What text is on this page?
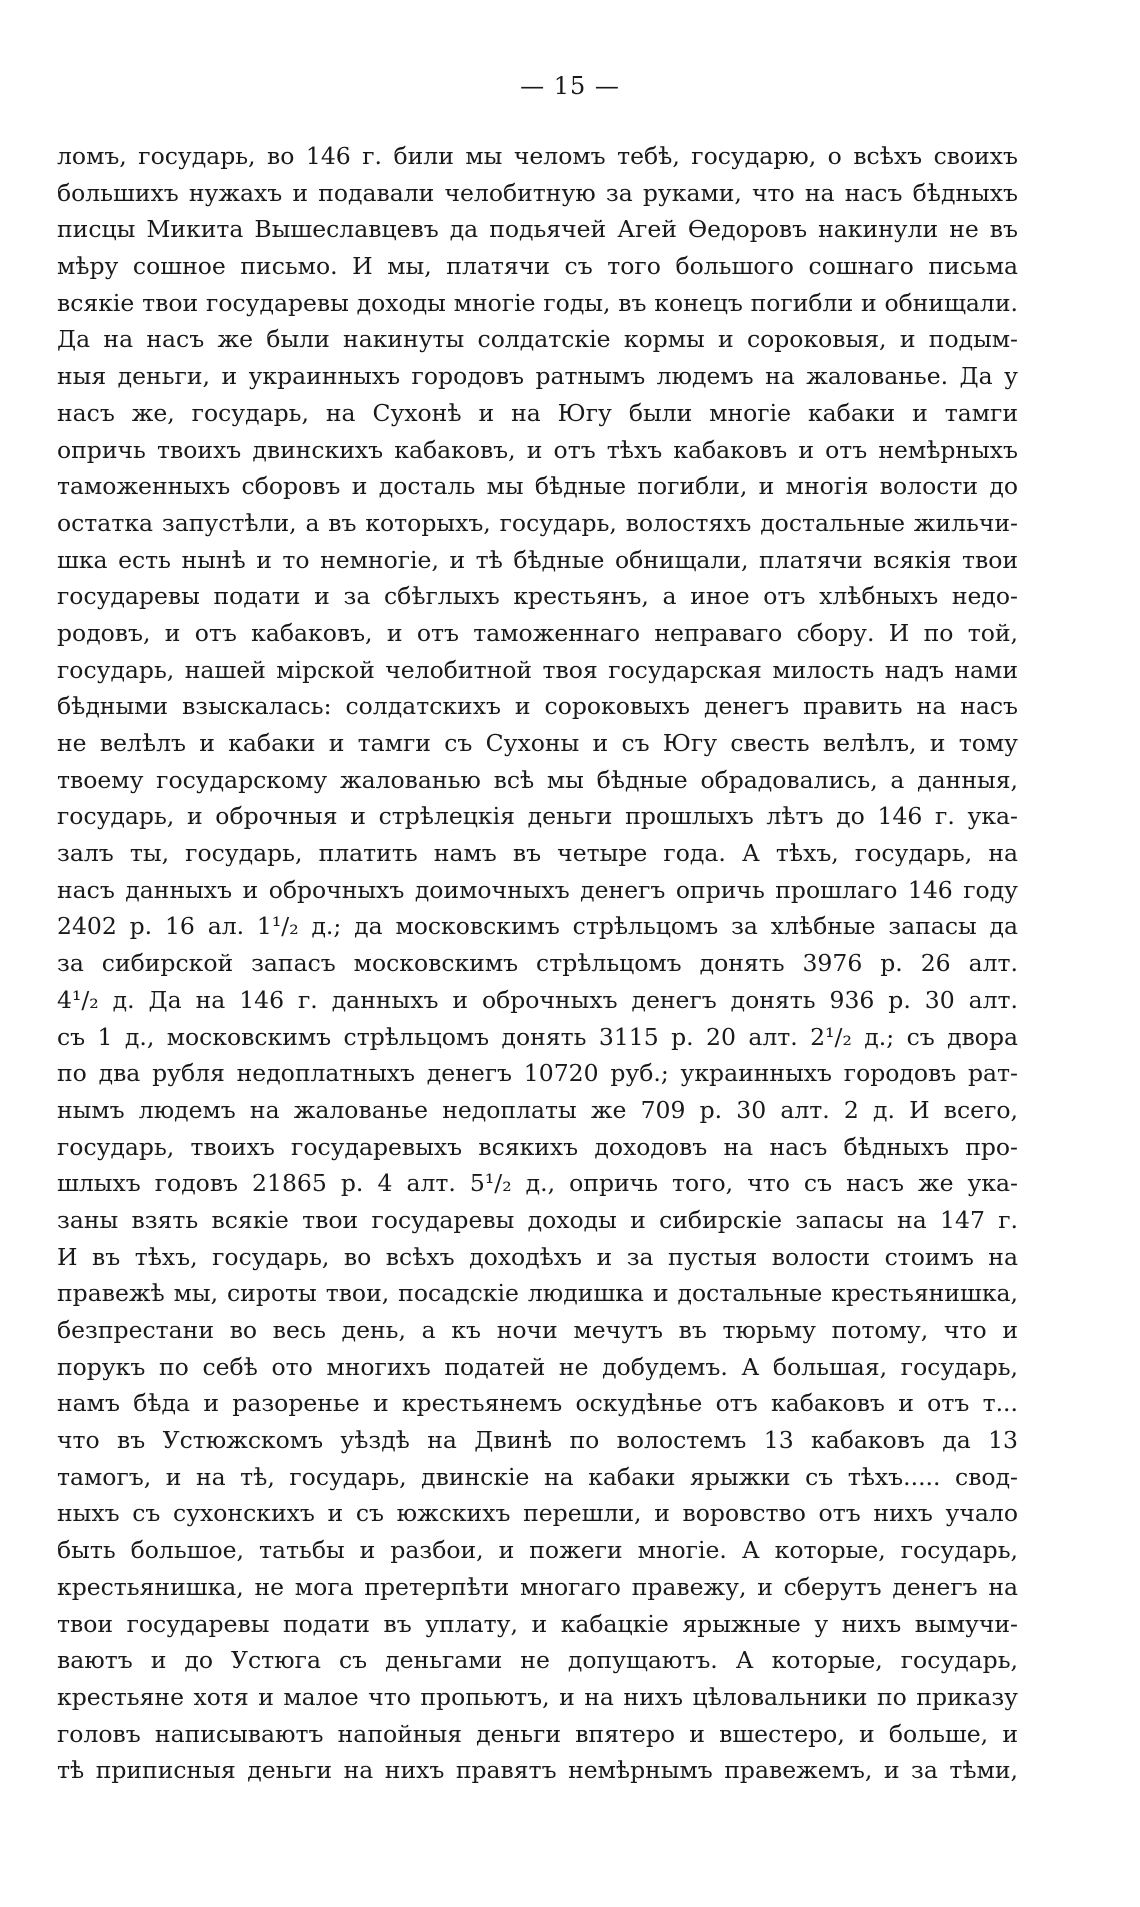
— 15 —
ломъ, государь, во 146 г. били мы челомъ тебѣ, государю, о всѣхъ своихъ
большихъ нужахъ и подавали челобитную за руками, что на насъ бѣдныхъ
писцы Микита Вышеславцевъ да подьячей Агей Ѳедоровъ накинули не въ
мѣру сошное письмо. И мы, платячи съ того большого сошнаго письма
всякіе твои государевы доходы многіе годы, въ конецъ погибли и обнищали.
Да на насъ же были накинуты солдатскіе кормы и сороковыя, и подым-
ныя деньги, и украинныхъ городовъ ратнымъ людемъ на жалованье. Да у
насъ же, государь, на Сухонѣ и на Югу были многіе кабаки и тамги
опричь твоихъ двинскихъ кабаковъ, и отъ тѣхъ кабаковъ и отъ немѣрныхъ
таможенныхъ сборовъ и досталь мы бѣдные погибли, и многія волости до
остатка запустѣли, а въ которыхъ, государь, волостяхъ достальные жильчи-
шка есть нынѣ и то немногіе, и тѣ бѣдные обнищали, платячи всякія твои
государевы подати и за сбѣглыхъ крестьянъ, а иное отъ хлѣбныхъ недо-
родовъ, и отъ кабаковъ, и отъ таможеннаго неправаго сбору. И по той,
государь, нашей мірской челобитной твоя государская милость надъ нами
бѣдными взыскалась: солдатскихъ и сороковыхъ денегъ править на насъ
не велѣлъ и кабаки и тамги съ Сухоны и съ Югу свесть велѣлъ, и тому
твоему государскому жалованью всѣ мы бѣдные обрадовались, а данныя,
государь, и оброчныя и стрѣлецкія деньги прошлыхъ лѣтъ до 146 г. ука-
залъ ты, государь, платить намъ въ четыре года. А тѣхъ, государь, на
насъ данныхъ и оброчныхъ доимочныхъ денегъ опричь прошлаго 146 году
2402 р. 16 ал. 1¹/₂ д.; да московскимъ стрѣльцомъ за хлѣбные запасы да
за сибирской запасъ московскимъ стрѣльцомъ донять 3976 р. 26 алт.
4¹/₂ д. Да на 146 г. данныхъ и оброчныхъ денегъ донять 936 р. 30 алт.
съ 1 д., московскимъ стрѣльцомъ донять 3115 р. 20 алт. 2¹/₂ д.; съ двора
по два рубля недоплатныхъ денегъ 10720 руб.; украинныхъ городовъ рат-
нымъ людемъ на жалованье недоплаты же 709 р. 30 алт. 2 д. И всего,
государь, твоихъ государевыхъ всякихъ доходовъ на насъ бѣдныхъ про-
шлыхъ годовъ 21865 р. 4 алт. 5¹/₂ д., опричь того, что съ насъ же ука-
заны взять всякіе твои государевы доходы и сибирскіе запасы на 147 г.
И въ тѣхъ, государь, во всѣхъ доходѣхъ и за пустыя волости стоимъ на
правежѣ мы, сироты твои, посадскіе людишка и достальные крестьянишка,
безпрестани во весь день, а къ ночи мечутъ въ тюрьму потому, что и
порукъ по себѣ ото многихъ податей не добудемъ. А большая, государь,
намъ бѣда и разоренье и крестьянемъ оскудѣнье отъ кабаковъ и отъ т...
что въ Устюжскомъ уѣздѣ на Двинѣ по волостемъ 13 кабаковъ да 13
тамогъ, и на тѣ, государь, двинскіе на кабаки ярыжки съ тѣхъ..... свод-
ныхъ съ сухонскихъ и съ южскихъ перешли, и воровство отъ нихъ учало
быть большое, татьбы и разбои, и пожеги многіе. А которые, государь,
крестьянишка, не мога претерпѣти многаго правежу, и сберутъ денегъ на
твои государевы подати въ уплату, и кабацкіе ярыжные у нихъ вымучи-
ваютъ и до Устюга съ деньгами не допущаютъ. А которые, государь,
крестьяне хотя и малое что пропьютъ, и на нихъ цѣловальники по приказу
головъ написываютъ напойныя деньги впятеро и вшестеро, и больше, и
тѣ приписныя деньги на нихъ правятъ немѣрнымъ правежемъ, и за тѣми,
